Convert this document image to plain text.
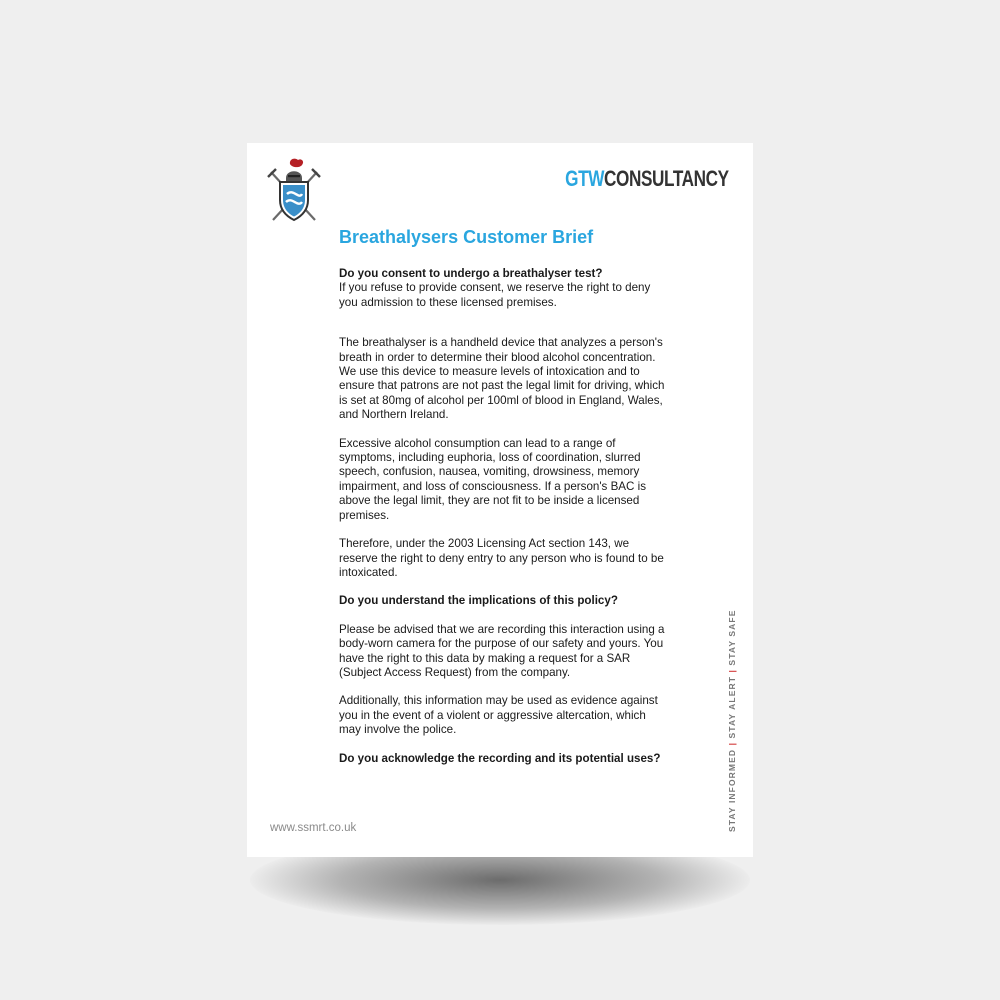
GTWCONSULTANCY
Breathalysers Customer Brief

Do you consent to undergo a breathalyser test?

If you refuse to provide consent, we reserve the right to deny you admission to these licensed premises.

The breathalyser is a handheld device that analyzes a person's breath in order to determine their blood alcohol concentration. We use this device to measure levels of intoxication and to ensure that patrons are not past the legal limit for driving, which is set at 80mg of alcohol per 100ml of blood in England, Wales, and Northern Ireland.

Excessive alcohol consumption can lead to a range of symptoms, including euphoria, loss of coordination, slurred speech, confusion, nausea, vomiting, drowsiness, memory impairment, and loss of consciousness. If a person's BAC is above the legal limit, they are not fit to be inside a licensed premises.

Therefore, under the 2003 Licensing Act section 143, we reserve the right to deny entry to any person who is found to be intoxicated.

Do you understand the implications of this policy?

Please be advised that we are recording this interaction using a body-worn camera for the purpose of our safety and yours. You have the right to this data by making a request for a SAR (Subject Access Request) from the company.

Additionally, this information may be used as evidence against you in the event of a violent or aggressive altercation, which may involve the police.

Do you acknowledge the recording and its potential uses?

www.ssmrt.co.uk	STAY INFORMED | STAY ALERT | STAY SAFE
